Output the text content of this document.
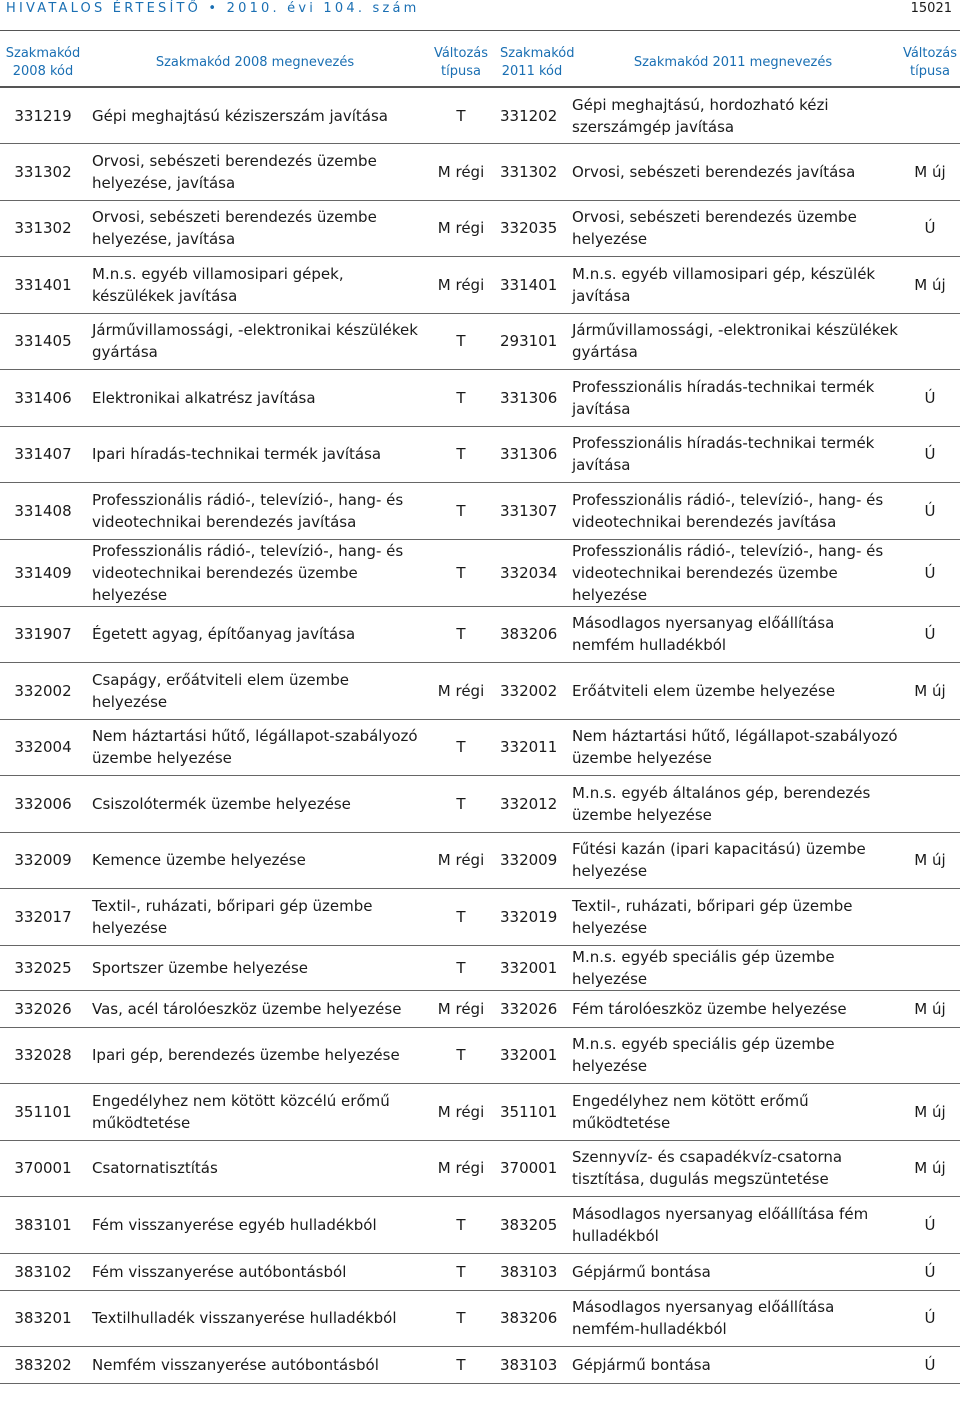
HIVATALOS ÉRTESÍTŐ • 2010. évi 104. szám	15021
Szakmakód 2008 kód	Szakmakód 2008 megnevezés	Változás típusa	Szakmakód 2011 kód	Szakmakód 2011 megnevezés	Változás típusa
331219	Gépi meghajtású kéziszerszám javítása	T	331202	Gépi meghajtású, hordozható kézi szerszámgép javítása	
331302	Orvosi, sebészeti berendezés üzembe helyezése, javítása	M régi	331302	Orvosi, sebészeti berendezés javítása	M új
331302	Orvosi, sebészeti berendezés üzembe helyezése, javítása	M régi	332035	Orvosi, sebészeti berendezés üzembe helyezése	Ú
331401	M.n.s. egyéb villamosipari gépek, készülékek javítása	M régi	331401	M.n.s. egyéb villamosipari gép, készülék javítása	M új
331405	Járművillamossági, -elektronikai készülékek gyártása	T	293101	Járművillamossági, -elektronikai készülékek gyártása	
331406	Elektronikai alkatrész javítása	T	331306	Professzionális híradás-technikai termék javítása	Ú
331407	Ipari híradás-technikai termék javítása	T	331306	Professzionális híradás-technikai termék javítása	Ú
331408	Professzionális rádió-, televízió-, hang- és videotechnikai berendezés javítása	T	331307	Professzionális rádió-, televízió-, hang- és videotechnikai berendezés javítása	Ú
331409	Professzionális rádió-, televízió-, hang- és videotechnikai berendezés üzembe helyezése	T	332034	Professzionális rádió-, televízió-, hang- és videotechnikai berendezés üzembe helyezése	Ú
331907	Égetett agyag, építőanyag javítása	T	383206	Másodlagos nyersanyag előállítása nemfém hulladékból	Ú
332002	Csapágy, erőátviteli elem üzembe helyezése	M régi	332002	Erőátviteli elem üzembe helyezése	M új
332004	Nem háztartási hűtő, légállapot-szabályozó üzembe helyezése	T	332011	Nem háztartási hűtő, légállapot-szabályozó üzembe helyezése	
332006	Csiszolótermék üzembe helyezése	T	332012	M.n.s. egyéb általános gép, berendezés üzembe helyezése	
332009	Kemence üzembe helyezése	M régi	332009	Fűtési kazán (ipari kapacitású) üzembe helyezése	M új
332017	Textil-, ruházati, bőripari gép üzembe helyezése	T	332019	Textil-, ruházati, bőripari gép üzembe helyezése	
332025	Sportszer üzembe helyezése	T	332001	M.n.s. egyéb speciális gép üzembe helyezése	
332026	Vas, acél tárolóeszköz üzembe helyezése	M régi	332026	Fém tárolóeszköz üzembe helyezése	M új
332028	Ipari gép, berendezés üzembe helyezése	T	332001	M.n.s. egyéb speciális gép üzembe helyezése	
351101	Engedélyhez nem kötött közcélú erőmű működtetése	M régi	351101	Engedélyhez nem kötött erőmű működtetése	M új
370001	Csatornatisztítás	M régi	370001	Szennyvíz- és csapadékvíz-csatorna tisztítása, dugulás megszüntetése	M új
383101	Fém visszanyerése egyéb hulladékból	T	383205	Másodlagos nyersanyag előállítása fém hulladékból	Ú
383102	Fém visszanyerése autóbontásból	T	383103	Gépjármű bontása	Ú
383201	Textilhulladék visszanyerése hulladékból	T	383206	Másodlagos nyersanyag előállítása nemfém-hulladékból	Ú
383202	Nemfém visszanyerése autóbontásból	T	383103	Gépjármű bontása	Ú
